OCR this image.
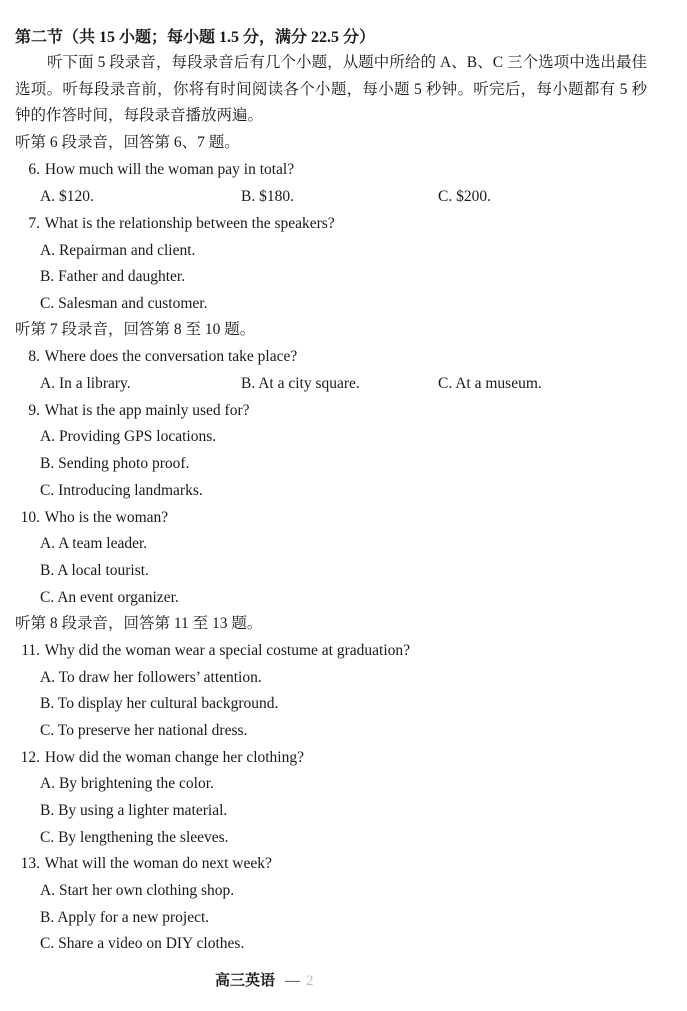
第二节（共 15 小题；每小题 1.5 分，满分 22.5 分）
听下面 5 段录音，每段录音后有几个小题，从题中所给的 A、B、C 三个选项中选出最佳选项。听每段录音前，你将有时间阅读各个小题，每小题 5 秒钟。听完后，每小题都有 5 秒钟的作答时间，每段录音播放两遍。
听第 6 段录音，回答第 6、7 题。
6. How much will the woman pay in total?
A. $120.	B. $180.	C. $200.
7. What is the relationship between the speakers?
A. Repairman and client.
B. Father and daughter.
C. Salesman and customer.
听第 7 段录音，回答第 8 至 10 题。
8. Where does the conversation take place?
A. In a library.	B. At a city square.	C. At a museum.
9. What is the app mainly used for?
A. Providing GPS locations.
B. Sending photo proof.
C. Introducing landmarks.
10. Who is the woman?
A. A team leader.
B. A local tourist.
C. An event organizer.
听第 8 段录音，回答第 11 至 13 题。
11. Why did the woman wear a special costume at graduation?
A. To draw her followers’ attention.
B. To display her cultural background.
C. To preserve her national dress.
12. How did the woman change her clothing?
A. By brightening the color.
B. By using a lighter material.
C. By lengthening the sleeves.
13. What will the woman do next week?
A. Start her own clothing shop.
B. Apply for a new project.
C. Share a video on DIY clothes.
高三英语 — 2
